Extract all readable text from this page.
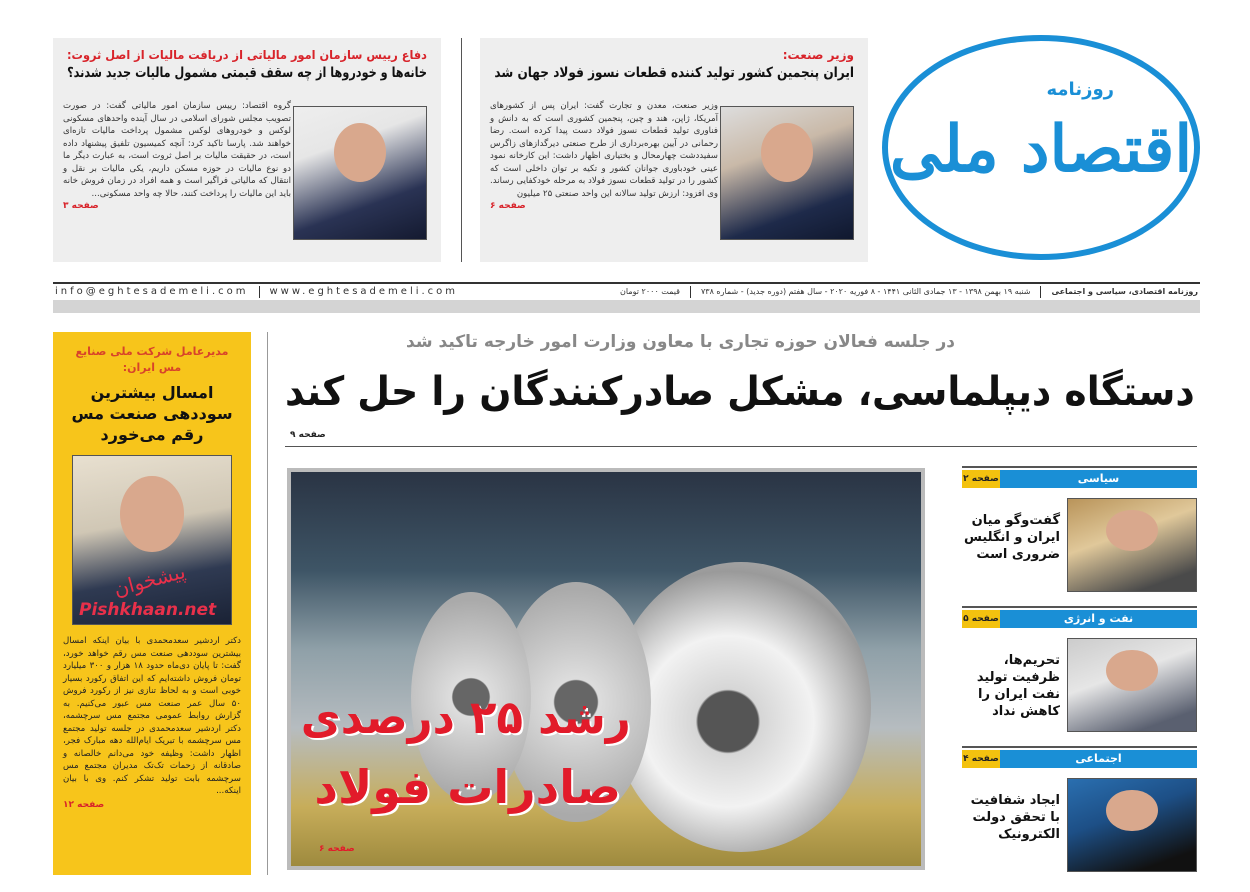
روزنامه
اقتصاد ملی
وزیر صنعت:
ایران پنجمین کشور تولید کننده قطعات نسوز فولاد جهان شد
وزیر صنعت، معدن و تجارت گفت: ایران پس از کشورهای آمریکا، ژاپن، هند و چین، پنجمین کشوری است که به دانش و فناوری تولید قطعات نسوز فولاد دست پیدا کرده است. رضا رحمانی در آیین بهره‌برداری از طرح صنعتی دیرگدازهای زاگرس سفیددشت چهارمحال و بختیاری اظهار داشت: این کارخانه نمود عینی خودباوری جوانان کشور و تکیه بر توان داخلی است که کشور را در تولید قطعات نسوز فولاد به مرحله خودکفایی رساند. وی افزود: ارزش تولید سالانه این واحد صنعتی ۲۵ میلیون
صفحه ۶
دفاع رییس سازمان امور مالیاتی از دریافت مالیات از اصل ثروت:
خانه‌ها و خودروها از چه سقف قیمتی مشمول مالیات جدید شدند؟
گروه اقتصاد: رییس سازمان امور مالیاتی گفت: در صورت تصویب مجلس شورای اسلامی در سال آینده واحدهای مسکونی لوکس و خودروهای لوکس مشمول پرداخت مالیات تازه‌ای خواهند شد. پارسا تاکید کرد: آنچه کمیسیون تلفیق پیشنهاد داده است، در حقیقت مالیات بر اصل ثروت است، به عبارت دیگر ما دو نوع مالیات در حوزه مسکن داریم، یکی مالیات بر نقل و انتقال که مالیاتی فراگیر است و همه افراد در زمان فروش خانه باید این مالیات را پرداخت کنند، حالا چه واحد مسکونی...
صفحه ۳
روزنامه اقتصادی، سیاسی و اجتماعی
شنبه ۱۹ بهمن ۱۳۹۸ - ۱۳ جمادی الثانی ۱۴۴۱ - ۸ فوریه ۲۰۲۰ - سال هفتم (دوره جدید) - شماره ۷۳۸
قیمت ۲۰۰۰ تومان
www.eghtesademeli.com
info@eghtesademeli.com
مدیرعامل شرکت ملی صنایع مس ایران:
امسال بیشترین سوددهی صنعت مس رقم می‌خورد
پیشخوان
Pishkhaan.net
دکتر اردشیر سعدمحمدی با بیان اینکه امسال بیشترین سوددهی صنعت مس رقم خواهد خورد، گفت: تا پایان دی‌ماه حدود ۱۸ هزار و ۳۰۰ میلیارد تومان فروش داشته‌ایم که این اتفاق رکورد بسیار خوبی است و به لحاظ تنازی نیز از رکورد فروش ۵۰ سال عمر صنعت مس عبور می‌کنیم. به گزارش روابط عمومی مجتمع مس سرچشمه، دکتر اردشیر سعدمحمدی در جلسه تولید مجتمع مس سرچشمه با تبریک ایام‌الله دهه مبارک فجر، اظهار داشت: وظیفه خود می‌دانم خالصانه و صادقانه از زحمات تک‌تک مدیران مجتمع مس سرچشمه بابت تولید تشکر کنم. وی با بیان اینکه...
صفحه ۱۲
در جلسه فعالان حوزه تجاری با معاون وزارت امور خارجه تاکید شد
دستگاه دیپلماسی، مشکل صادرکنندگان را حل کند
صفحه ۹
رشد ۲۵ درصدی
صادرات فولاد
صفحه ۶
سیاسی
صفحه ۲
گفت‌وگو میان ایران و انگلیس ضروری است
نفت و انرژی
صفحه ۵
تحریم‌ها، ظرفیت تولید نفت ایران را کاهش نداد
اجتماعی
صفحه ۴
ایجاد شفافیت با تحقق دولت الکترونیک
